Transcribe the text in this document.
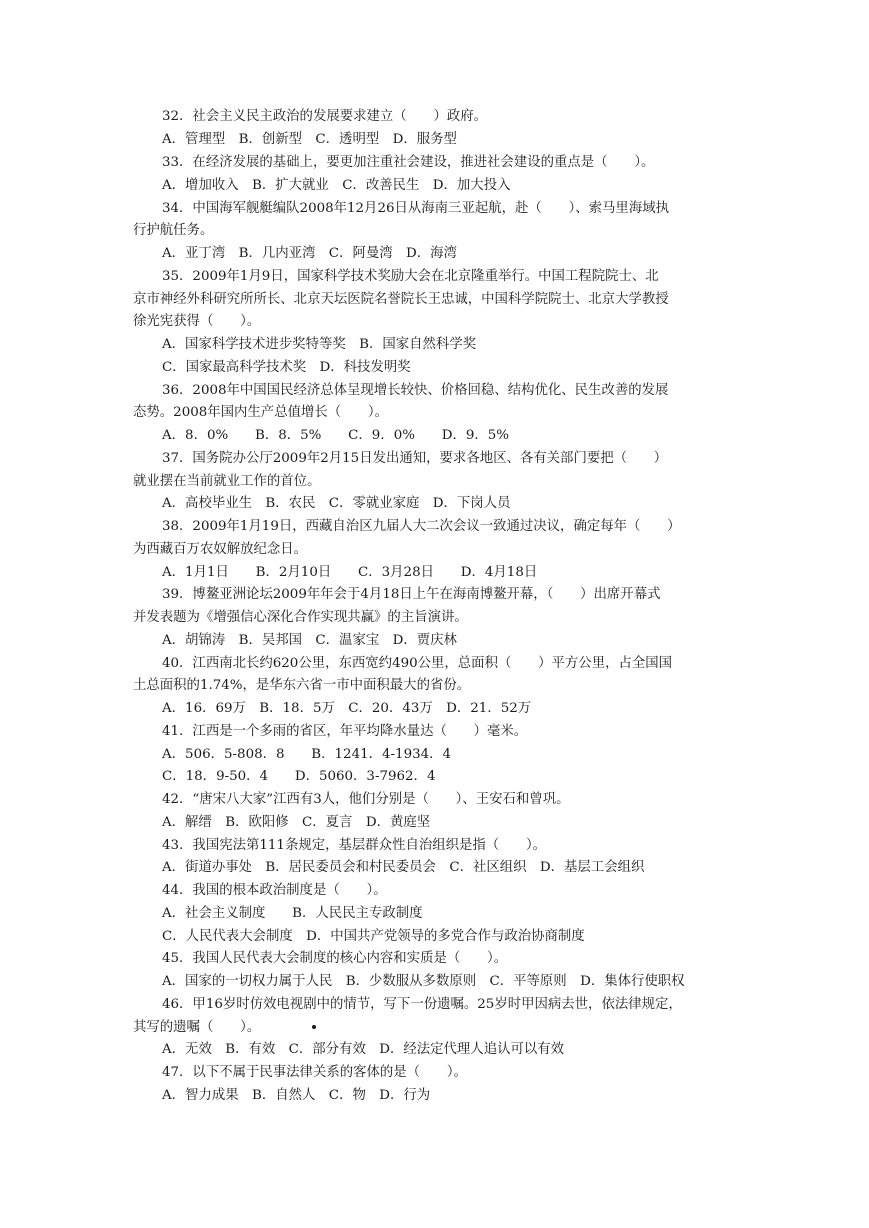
32．社会主义民主政治的发展要求建立（　　）政府。

A．管理型　B．创新型　C．透明型　D．服务型

33．在经济发展的基础上，要更加注重社会建设，推进社会建设的重点是（　　）。

A．增加收入　B．扩大就业　C．改善民生　D．加大投入

34．中国海军舰艇编队2008年12月26日从海南三亚起航，赴（　　）、索马里海域执

行护航任务。

A．亚丁湾　B．几内亚湾　C．阿曼湾　D．海湾

35．2009年1月9日，国家科学技术奖励大会在北京隆重举行。中国工程院院士、北

京市神经外科研究所所长、北京天坛医院名誉院长王忠诚，中国科学院院士、北京大学教授

徐光宪获得（　　）。

A．国家科学技术进步奖特等奖　B．国家自然科学奖

C．国家最高科学技术奖　D．科技发明奖

36．2008年中国国民经济总体呈现增长较快、价格回稳、结构优化、民生改善的发展

态势。2008年国内生产总值增长（　　）。

A．8．0%　　B．8．5%　　C．9．0%　　D．9．5%

37．国务院办公厅2009年2月15日发出通知，要求各地区、各有关部门要把（　　）

就业摆在当前就业工作的首位。

A．高校毕业生　B．农民　C．零就业家庭　D．下岗人员

38．2009年1月19日，西藏自治区九届人大二次会议一致通过决议，确定每年（　　）

为西藏百万农奴解放纪念日。

A．1月1日　　B．2月10日　　C．3月28日　　D．4月18日

39．博鳌亚洲论坛2009年年会于4月18日上午在海南博鳌开幕，（　　）出席开幕式

并发表题为《增强信心深化合作实现共赢》的主旨演讲。

A．胡锦涛　B．吴邦国　C．温家宝　D．贾庆林

40．江西南北长约620公里，东西宽约490公里，总面积（　　）平方公里，占全国国

土总面积的1.74%，是华东六省一市中面积最大的省份。

A．16．69万　B．18．5万　C．20．43万　D．21．52万

41．江西是一个多雨的省区，年平均降水量达（　　）毫米。

A．506．5-808．8　　B．1241．4-1934．4

C．18．9-50．4　　D．5060．3-7962．4

42．“唐宋八大家”江西有3人，他们分别是（　　）、王安石和曾巩。

A．解缙　B．欧阳修　C．夏言　D．黄庭坚

43．我国宪法第111条规定，基层群众性自治组织是指（　　）。

A．街道办事处　B．居民委员会和村民委员会　C．社区组织　D．基层工会组织

44．我国的根本政治制度是（　　）。

A．社会主义制度　　B．人民民主专政制度

C．人民代表大会制度　D．中国共产党领导的多党合作与政治协商制度

45．我国人民代表大会制度的核心内容和实质是（　　）。

A．国家的一切权力属于人民　B．少数服从多数原则　C．平等原则　D．集体行使职权

46．甲16岁时仿效电视剧中的情节，写下一份遗嘱。25岁时甲因病去世，依法律规定，

其写的遗嘱（　　）。

A．无效　B．有效　C．部分有效　D．经法定代理人追认可以有效

47．以下不属于民事法律关系的客体的是（　　）。

A．智力成果　B．自然人　C．物　D．行为
